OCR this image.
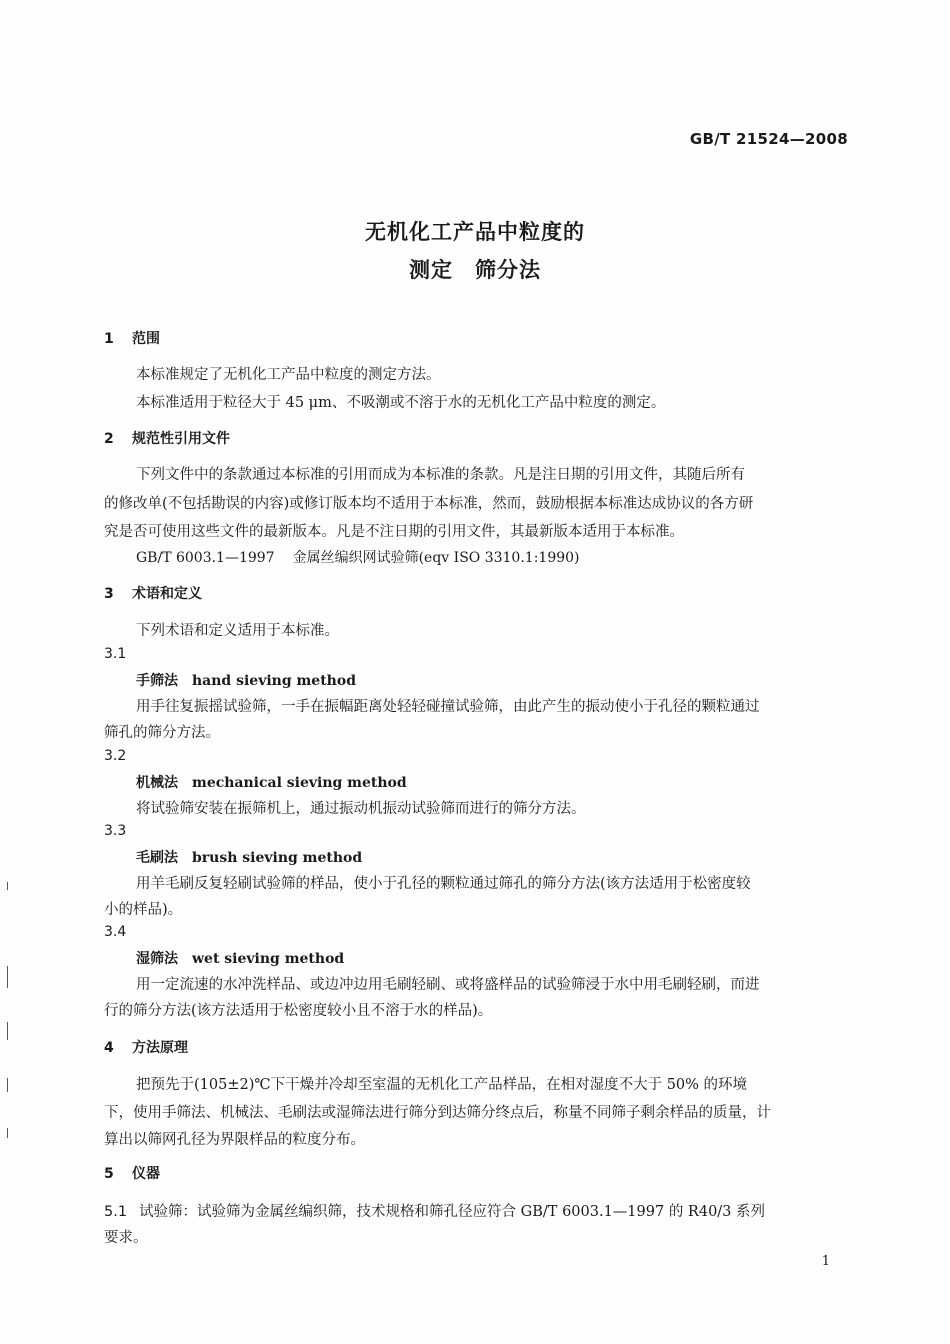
GB/T 21524—2008
无机化工产品中粒度的
测定 筛分法
1 范围
本标准规定了无机化工产品中粒度的测定方法。
本标准适用于粒径大于 45 μm、不吸潮或不溶于水的无机化工产品中粒度的测定。
2 规范性引用文件
下列文件中的条款通过本标准的引用而成为本标准的条款。凡是注日期的引用文件，其随后所有
的修改单(不包括勘误的内容)或修订版本均不适用于本标准，然而，鼓励根据本标准达成协议的各方研
究是否可使用这些文件的最新版本。凡是不注日期的引用文件，其最新版本适用于本标准。
GB/T 6003.1—1997 金属丝编织网试验筛(eqv ISO 3310.1:1990)
3 术语和定义
下列术语和定义适用于本标准。
3.1
手筛法 hand sieving method
用手往复振摇试验筛，一手在振幅距离处轻轻碰撞试验筛，由此产生的振动使小于孔径的颗粒通过
筛孔的筛分方法。
3.2
机械法 mechanical sieving method
将试验筛安装在振筛机上，通过振动机振动试验筛而进行的筛分方法。
3.3
毛刷法 brush sieving method
用羊毛刷反复轻刷试验筛的样品，使小于孔径的颗粒通过筛孔的筛分方法(该方法适用于松密度较
小的样品)。
3.4
湿筛法 wet sieving method
用一定流速的水冲洗样品、或边冲边用毛刷轻刷、或将盛样品的试验筛浸于水中用毛刷轻刷，而进
行的筛分方法(该方法适用于松密度较小且不溶于水的样品)。
4 方法原理
把预先于(105±2)℃下干燥并冷却至室温的无机化工产品样品，在相对湿度不大于 50% 的环境
下，使用手筛法、机械法、毛刷法或湿筛法进行筛分到达筛分终点后，称量不同筛子剩余样品的质量，计
算出以筛网孔径为界限样品的粒度分布。
5 仪器
5.1 试验筛：试验筛为金属丝编织筛，技术规格和筛孔径应符合 GB/T 6003.1—1997 的 R40/3 系列
要求。
1
